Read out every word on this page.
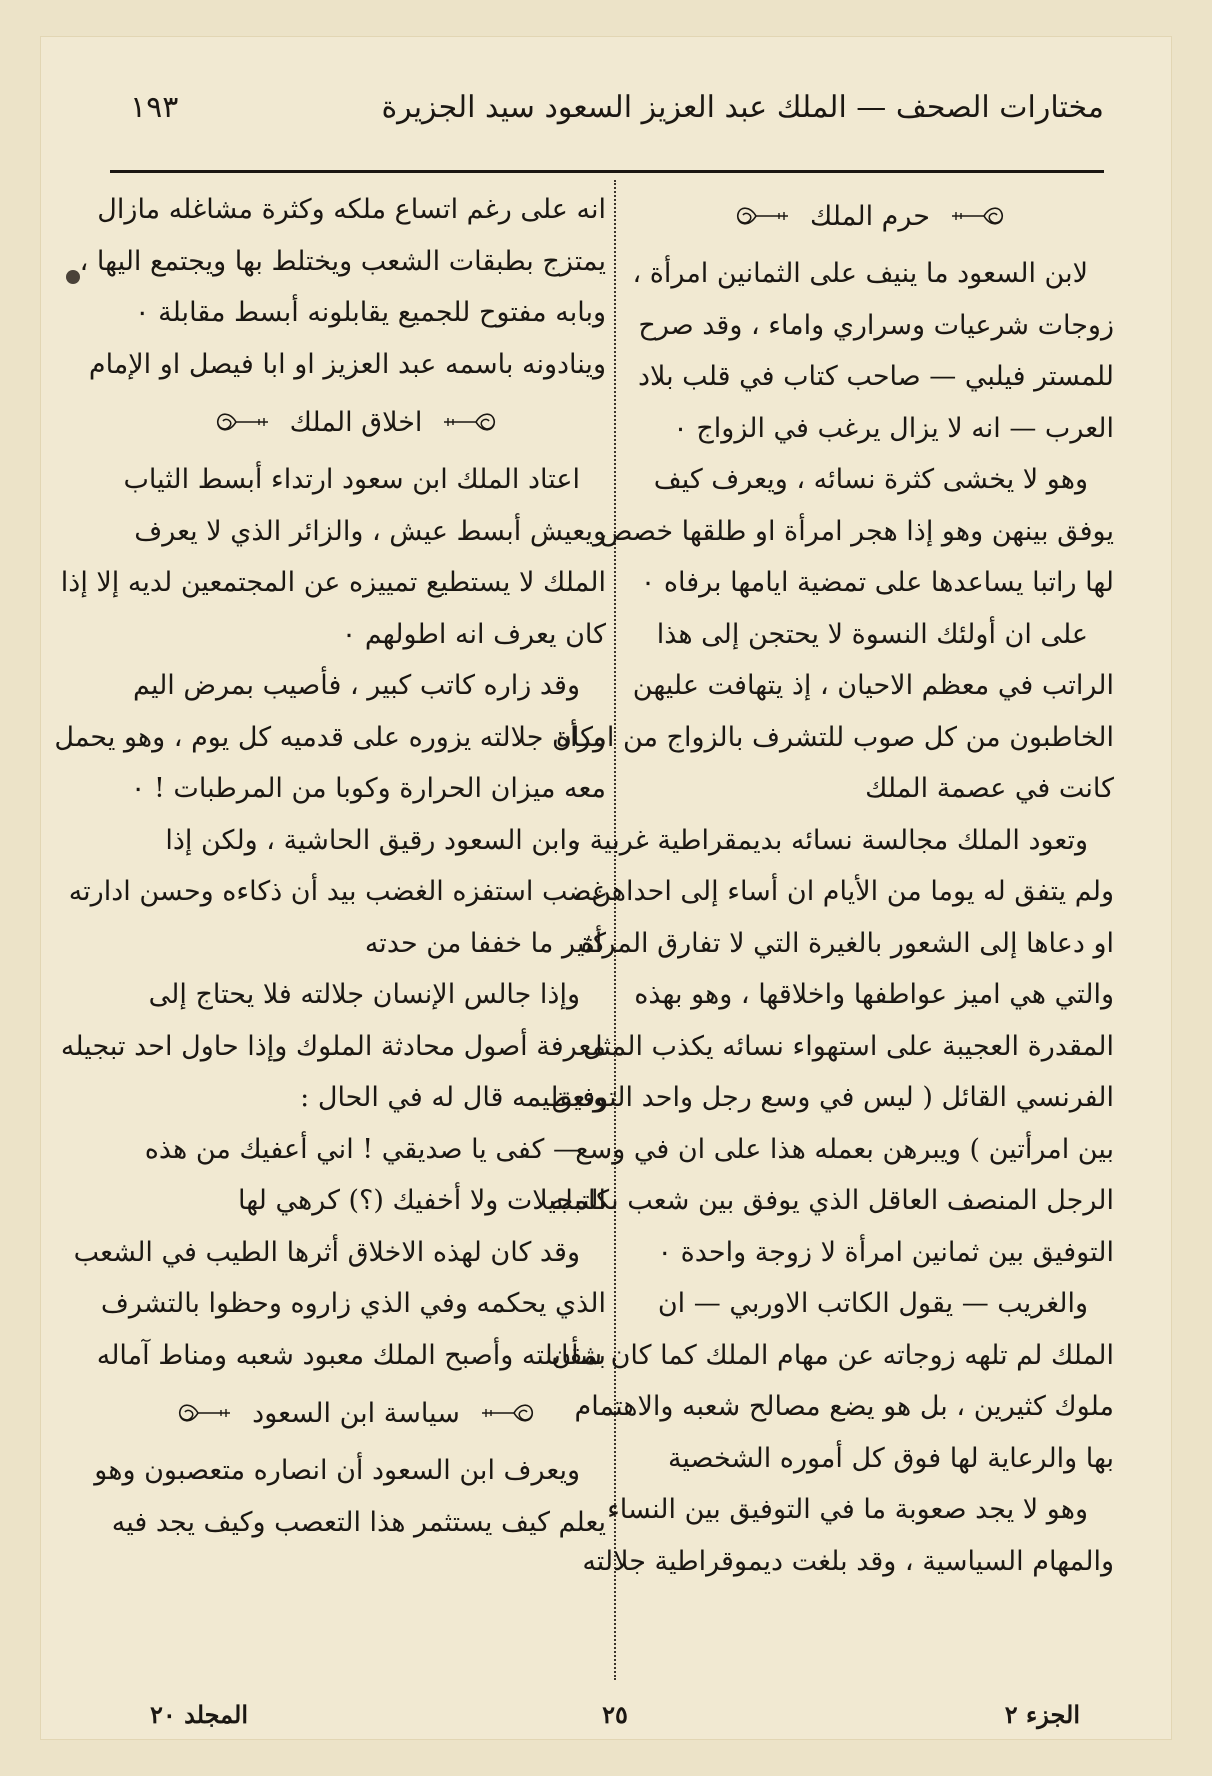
مختارات الصحف — الملك عبد العزيز السعود سيد الجزيرة
١٩٣
حرم الملك
لابن السعود ما ينيف على الثمانين امرأة ،
زوجات شرعيات وسراري واماء ، وقد صرح
للمستر فيلبي — صاحب كتاب في قلب بلاد
العرب — انه لا يزال يرغب في الزواج ٠
وهو لا يخشى كثرة نسائه ، ويعرف كيف
يوفق بينهن وهو إذا هجر امرأة او طلقها خصص
لها راتبا يساعدها على تمضية ايامها برفاه ٠
على ان أولئك النسوة لا يحتجن إلى هذا
الراتب في معظم الاحيان ، إذ يتهافت عليهن
الخاطبون من كل صوب للتشرف بالزواج من امرأة
كانت في عصمة الملك
وتعود الملك مجالسة نسائه بديمقراطية غربية ،
ولم يتفق له يوما من الأيام ان أساء إلى احداهن ،
او دعاها إلى الشعور بالغيرة التي لا تفارق المرأة
والتي هي اميز عواطفها واخلاقها ، وهو بهذه
المقدرة العجيبة على استهواء نسائه يكذب المثل
الفرنسي القائل ( ليس في وسع رجل واحد التوفيق
بين امرأتين ) ويبرهن بعمله هذا على ان في وسع
الرجل المنصف العاقل الذي يوفق بين شعب بكامله
التوفيق بين ثمانين امرأة لا زوجة واحدة ٠
والغريب — يقول الكاتب الاوربي — ان
الملك لم تلهه زوجاته عن مهام الملك كما كان شأن
ملوك كثيرين ، بل هو يضع مصالح شعبه والاهتمام
بها والرعاية لها فوق كل أموره الشخصية
وهو لا يجد صعوبة ما في التوفيق بين النساء
والمهام السياسية ، وقد بلغت ديموقراطية جلالته
انه على رغم اتساع ملكه وكثرة مشاغله مازال
يمتزج بطبقات الشعب ويختلط بها ويجتمع اليها ،
وبابه مفتوح للجميع يقابلونه أبسط مقابلة ٠
وينادونه باسمه عبد العزيز او ابا فيصل او الإمام
اخلاق الملك
اعتاد الملك ابن سعود ارتداء أبسط الثياب
ويعيش أبسط عيش ، والزائر الذي لا يعرف
الملك لا يستطيع تمييزه عن المجتمعين لديه إلا إذا
كان يعرف انه اطولهم ٠
وقد زاره كاتب كبير ، فأصيب بمرض اليم
وكان جلالته يزوره على قدميه كل يوم ، وهو يحمل
معه ميزان الحرارة وكوبا من المرطبات ! ٠
وابن السعود رقيق الحاشية ، ولكن إذا
غضب استفزه الغضب بيد أن ذكاءه وحسن ادارته
كثير ما خففا من حدته
وإذا جالس الإنسان جلالته فلا يحتاج إلى
معرفة أصول محادثة الملوك وإذا حاول احد تبجيله
وتعظيمه قال له في الحال :
— كفى يا صديقي ! اني أعفيك من هذه
التبجيلات ولا أخفيك (؟) كرهي لها
وقد كان لهذه الاخلاق أثرها الطيب في الشعب
الذي يحكمه وفي الذي زاروه وحظوا بالتشرف
بمقابلته وأصبح الملك معبود شعبه ومناط آماله
سياسة ابن السعود
ويعرف ابن السعود أن انصاره متعصبون وهو
يعلم كيف يستثمر هذا التعصب وكيف يجد فيه
الجزء ٢
٢٥
المجلد ٢٠
